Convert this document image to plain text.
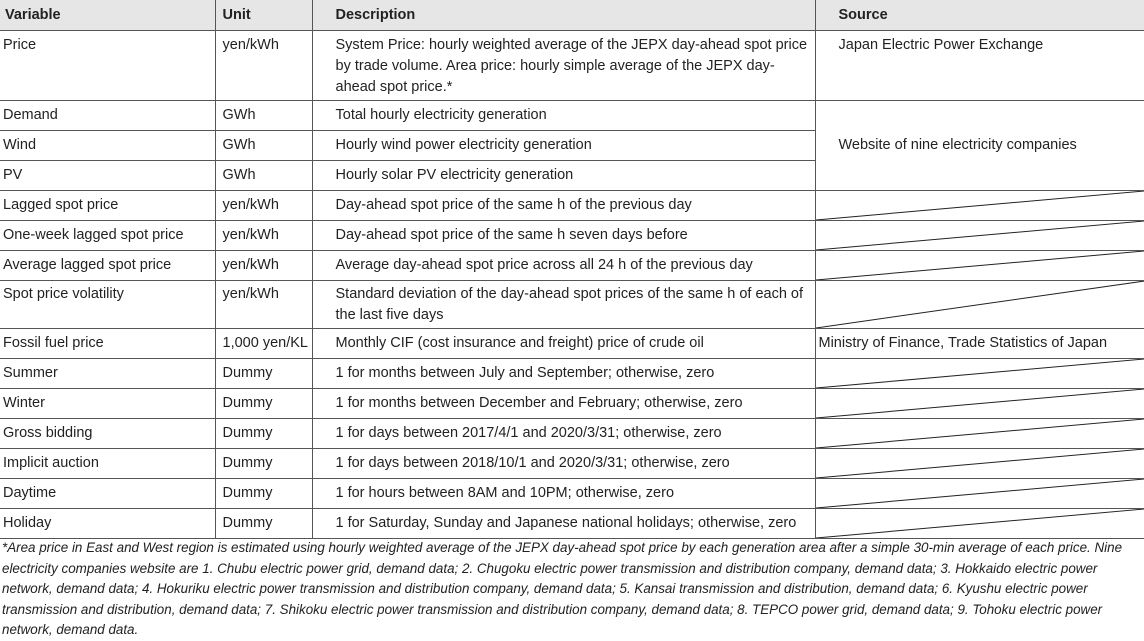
Variable	Unit	Description	Source
Price	yen/kWh	System Price: hourly weighted average of the JEPX day-ahead spot price by trade volume. Area price: hourly simple average of the JEPX day-ahead spot price.*	Japan Electric Power Exchange
Demand	GWh	Total hourly electricity generation	Website of nine electricity companies
Wind	GWh	Hourly wind power electricity generation	
PV	GWh	Hourly solar PV electricity generation	
Lagged spot price	yen/kWh	Day-ahead spot price of the same h of the previous day	

One-week lagged spot price	yen/kWh	Day-ahead spot price of the same h seven days before	

Average lagged spot price	yen/kWh	Average day-ahead spot price across all 24 h of the previous day	

Spot price volatility	yen/kWh	Standard deviation of the day-ahead spot prices of the same h of each of the last five days	

Fossil fuel price	1,000 yen/KL	Monthly CIF (cost insurance and freight) price of crude oil	Ministry of Finance, Trade Statistics of Japan
Summer	Dummy	1 for months between July and September; otherwise, zero	

Winter	Dummy	1 for months between December and February; otherwise, zero	

Gross bidding	Dummy	1 for days between 2017/4/1 and 2020/3/31; otherwise, zero	

Implicit auction	Dummy	1 for days between 2018/10/1 and 2020/3/31; otherwise, zero	

Daytime	Dummy	1 for hours between 8AM and 10PM; otherwise, zero	

Holiday	Dummy	1 for Saturday, Sunday and Japanese national holidays; otherwise, zero	
*Area price in East and West region is estimated using hourly weighted average of the JEPX day-ahead spot price by each generation area after a simple 30-min average of each price. Nine electricity companies website are 1. Chubu electric power grid, demand data; 2. Chugoku electric power transmission and distribution company, demand data; 3. Hokkaido electric power network, demand data; 4. Hokuriku electric power transmission and distribution company, demand data; 5. Kansai transmission and distribution, demand data; 6. Kyushu electric power transmission and distribution, demand data; 7. Shikoku electric power transmission and distribution company, demand data; 8. TEPCO power grid, demand data; 9. Tohoku electric power network, demand data.
